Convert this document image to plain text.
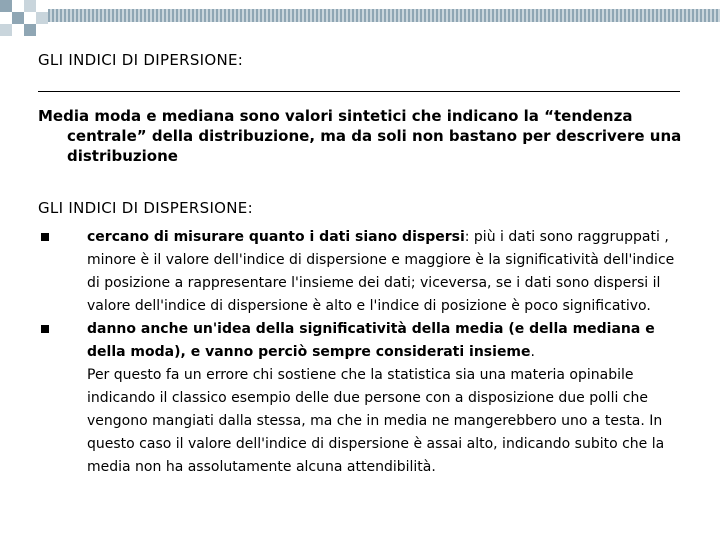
GLI INDICI DI DIPERSIONE:

Media moda e mediana sono valori sintetici che indicano la “tendenza centrale” della distribuzione, ma da soli non bastano per descrivere una distribuzione

GLI INDICI DI DISPERSIONE:
cercano di misurare quanto i dati siano dispersi: più i dati sono raggruppati , minore è il valore dell'indice di dispersione e maggiore è la significatività dell'indice di posizione a rappresentare l'insieme dei dati; viceversa, se i dati sono dispersi il valore dell'indice di dispersione è alto e l'indice di posizione è poco significativo.
danno anche un'idea della significatività della media (e della mediana e della moda), e vanno perciò sempre considerati insieme.

Per questo fa un errore chi sostiene che la statistica sia una materia opinabile indicando il classico esempio delle due persone con a disposizione due polli che vengono mangiati dalla stessa, ma che in media ne mangerebbero uno a testa. In questo caso il valore dell'indice di dispersione è assai alto, indicando subito che la media non ha assolutamente alcuna attendibilità.
